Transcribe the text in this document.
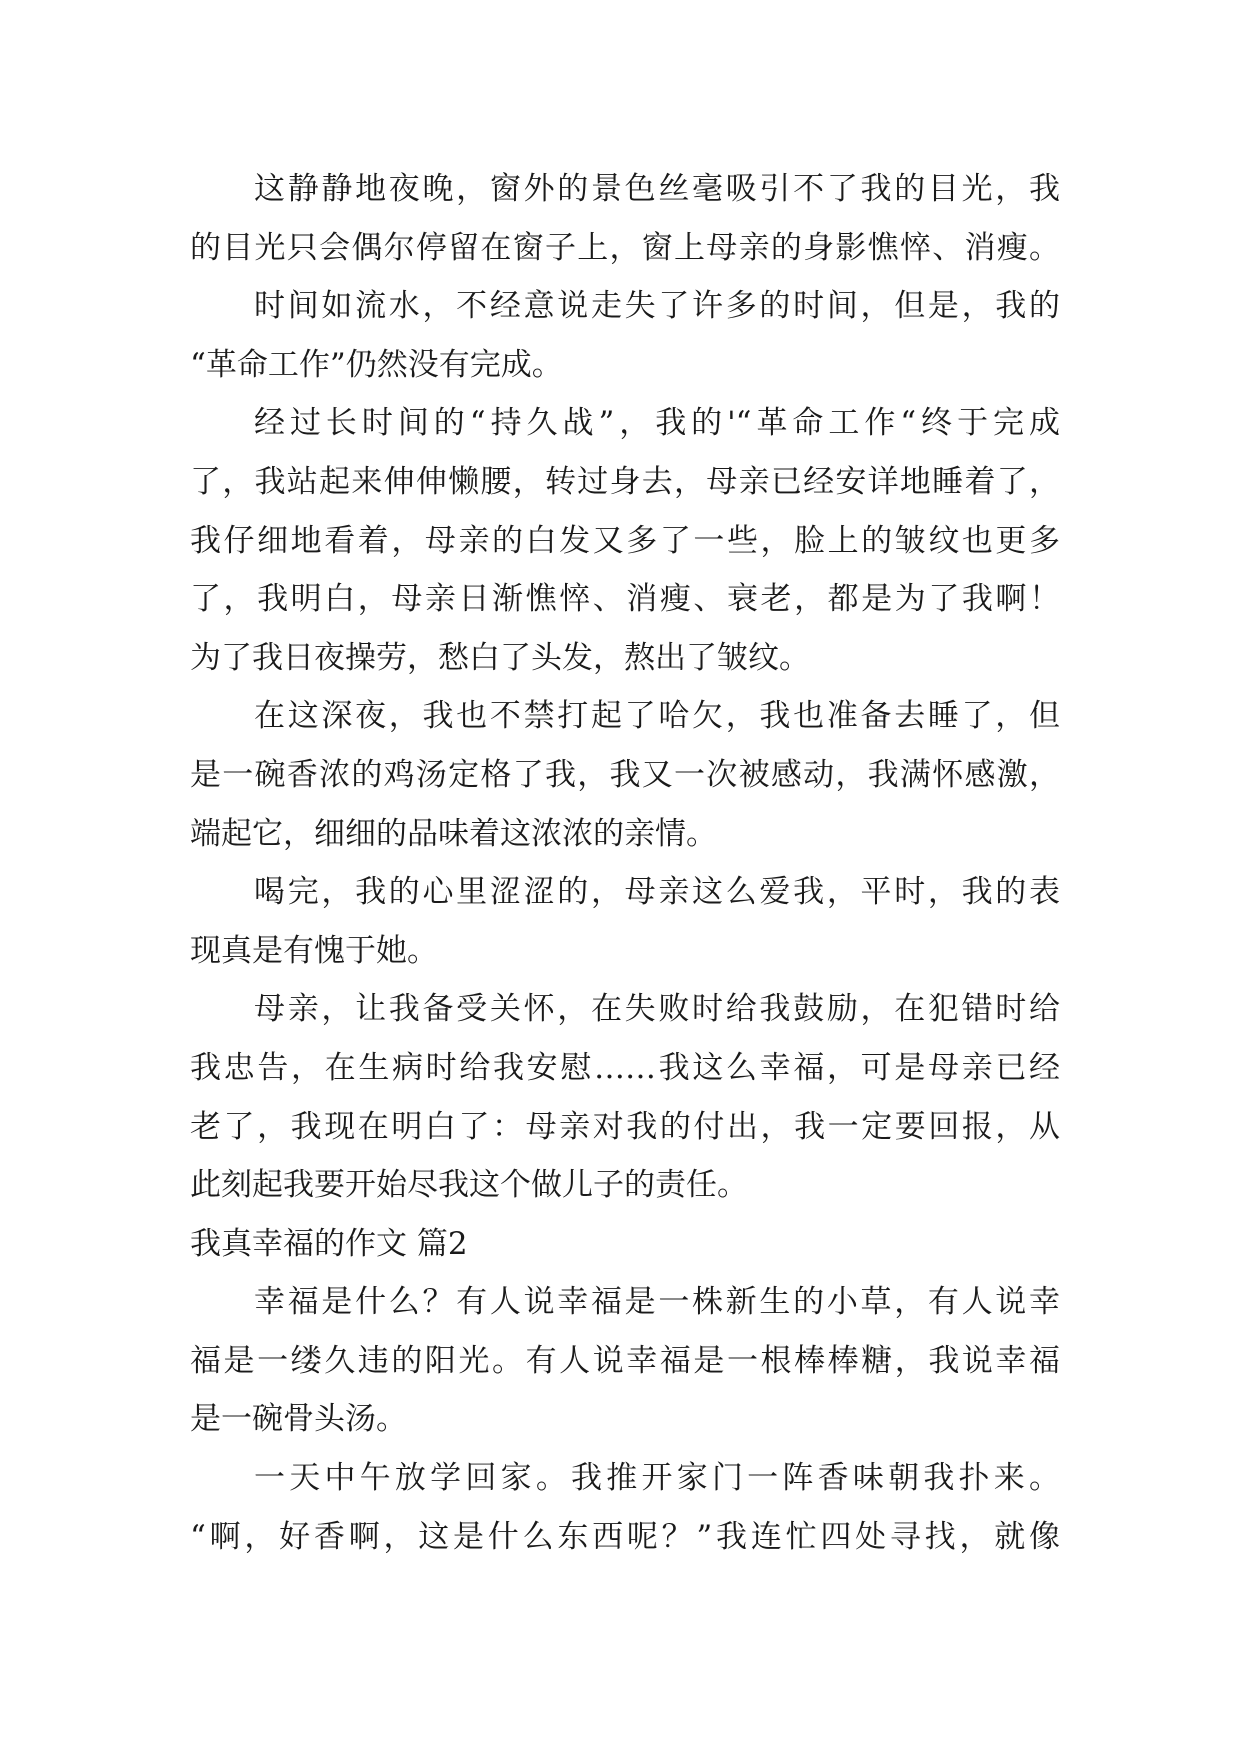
这静静地夜晚，窗外的景色丝毫吸引不了我的目光，我
的目光只会偶尔停留在窗子上，窗上母亲的身影憔悴、消瘦。
时间如流水，不经意说走失了许多的时间，但是，我的
“革命工作”仍然没有完成。
经过长时间的“持久战”，我的'“革命工作“终于完成
了，我站起来伸伸懒腰，转过身去，母亲已经安详地睡着了，
我仔细地看着，母亲的白发又多了一些，脸上的皱纹也更多
了，我明白，母亲日渐憔悴、消瘦、衰老，都是为了我啊！
为了我日夜操劳，愁白了头发，熬出了皱纹。
在这深夜，我也不禁打起了哈欠，我也准备去睡了，但
是一碗香浓的鸡汤定格了我，我又一次被感动，我满怀感激，
端起它，细细的品味着这浓浓的亲情。
喝完，我的心里涩涩的，母亲这么爱我，平时，我的表
现真是有愧于她。
母亲，让我备受关怀，在失败时给我鼓励，在犯错时给
我忠告，在生病时给我安慰……我这么幸福，可是母亲已经
老了，我现在明白了：母亲对我的付出，我一定要回报，从
此刻起我要开始尽我这个做儿子的责任。
我真幸福的作文 篇2
幸福是什么？有人说幸福是一株新生的小草，有人说幸
福是一缕久违的阳光。有人说幸福是一根棒棒糖，我说幸福
是一碗骨头汤。
一天中午放学回家。我推开家门一阵香味朝我扑来。
“啊，好香啊，这是什么东西呢？”我连忙四处寻找，就像
